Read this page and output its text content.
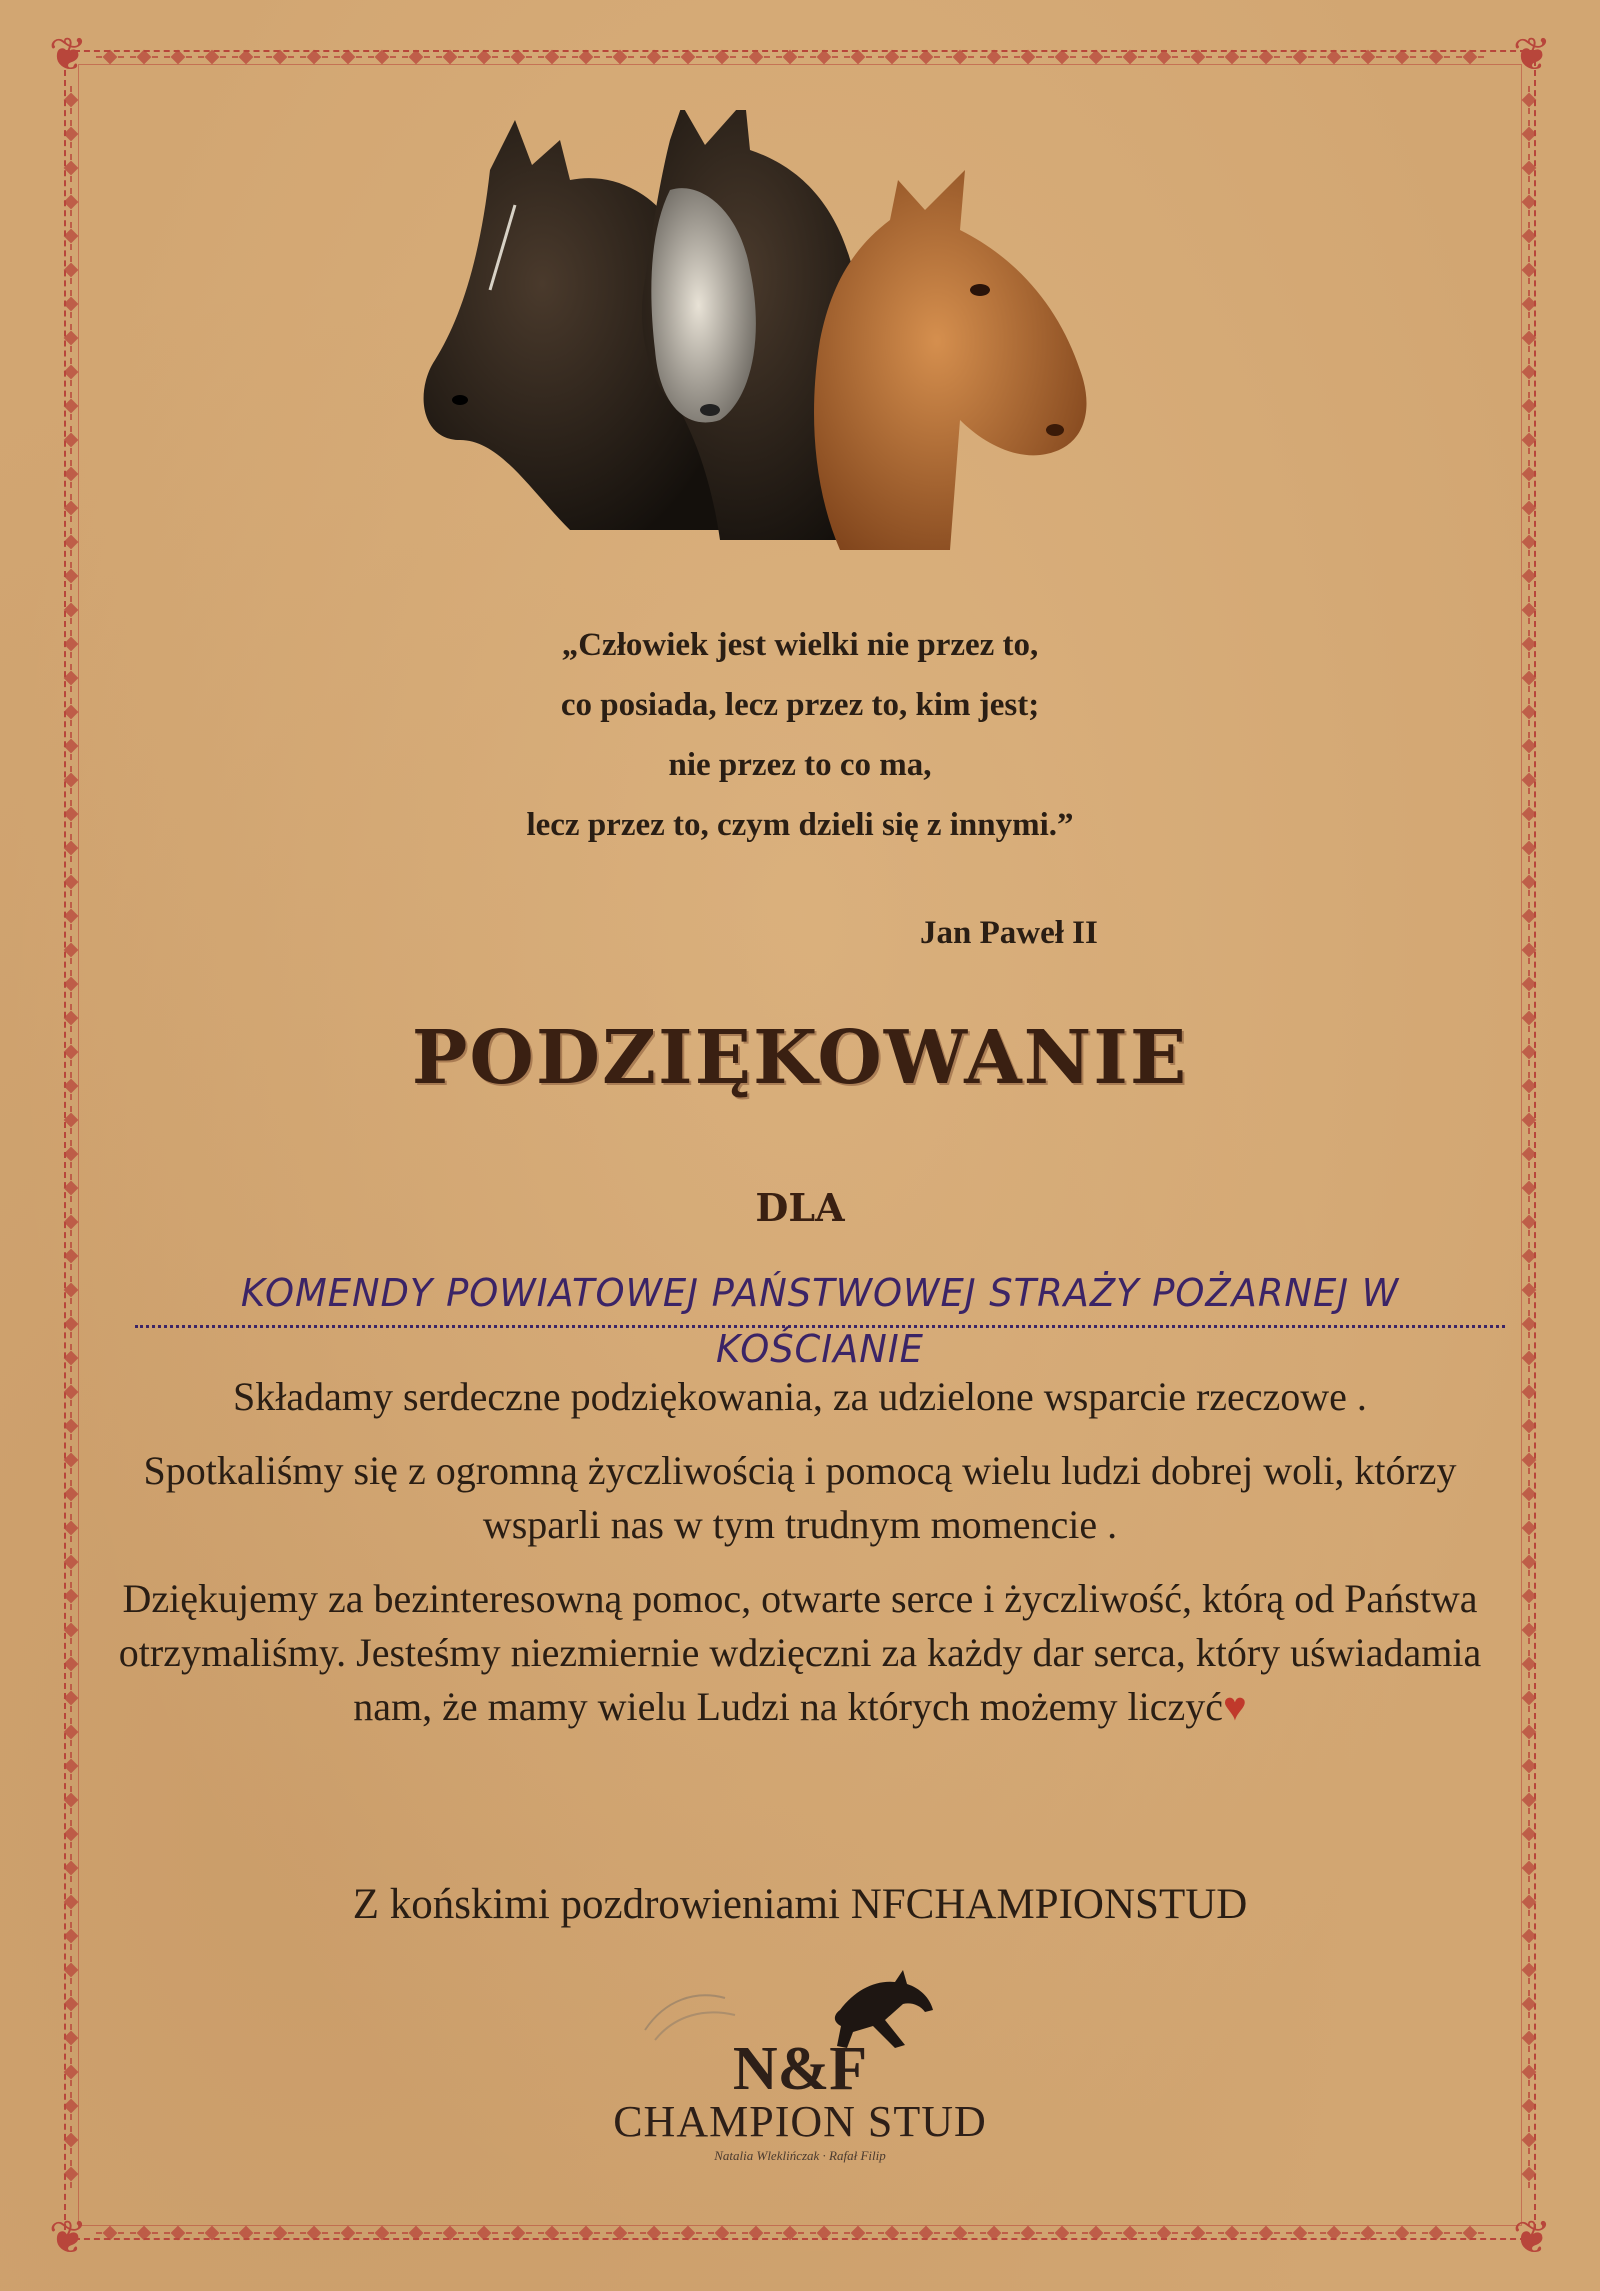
❦	❦
❦	❦
„Człowiek jest wielki nie przez to,
co posiada, lecz przez to, kim jest;
nie przez to co ma,
lecz przez to, czym dzieli się z innymi.”
Jan Paweł II
PODZIĘKOWANIE
DLA
KOMENDY POWIATOWEJ PAŃSTWOWEJ STRAŻY POŻARNEJ W KOŚCIANIE

Składamy serdeczne podziękowania, za udzielone wsparcie rzeczowe .

Spotkaliśmy się z ogromną życzliwością i pomocą wielu ludzi dobrej woli, którzy wsparli nas w tym trudnym momencie .

Dziękujemy za bezinteresowną pomoc, otwarte serce i życzliwość, którą od Państwa otrzymaliśmy. Jesteśmy niezmiernie wdzięczni za każdy dar serca, który uświadamia nam, że mamy wielu Ludzi na których możemy liczyć♥

Z końskimi pozdrowieniami NFCHAMPIONSTUD
N&F
CHAMPION STUD
Natalia Wleklińczak · Rafał Filip
